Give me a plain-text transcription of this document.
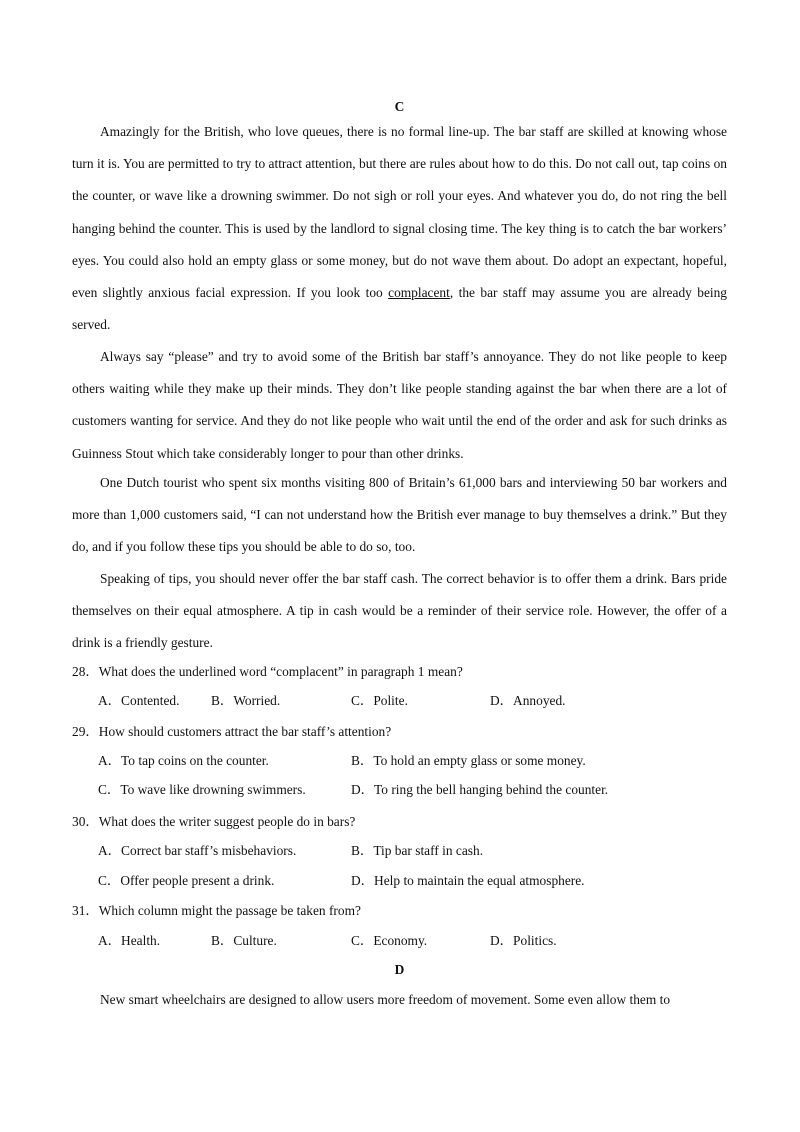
C

Amazingly for the British, who love queues, there is no formal line-up. The bar staff are skilled at knowing whose turn it is. You are permitted to try to attract attention, but there are rules about how to do this. Do not call out, tap coins on the counter, or wave like a drowning swimmer. Do not sigh or roll your eyes. And whatever you do, do not ring the bell hanging behind the counter. This is used by the landlord to signal closing time. The key thing is to catch the bar workers’ eyes. You could also hold an empty glass or some money, but do not wave them about. Do adopt an expectant, hopeful, even slightly anxious facial expression. If you look too complacent, the bar staff may assume you are already being served.

Always say “please” and try to avoid some of the British bar staff’s annoyance. They do not like people to keep others waiting while they make up their minds. They don’t like people standing against the bar when there are a lot of customers wanting for service. And they do not like people who wait until the end of the order and ask for such drinks as Guinness Stout which take considerably longer to pour than other drinks.

One Dutch tourist who spent six months visiting 800 of Britain’s 61,000 bars and interviewing 50 bar workers and more than 1,000 customers said, “I can not understand how the British ever manage to buy themselves a drink.” But they do, and if you follow these tips you should be able to do so, too.

Speaking of tips, you should never offer the bar staff cash. The correct behavior is to offer them a drink. Bars pride themselves on their equal atmosphere. A tip in cash would be a reminder of their service role. However, the offer of a drink is a friendly gesture.

28．What does the underlined word “complacent” in paragraph 1 mean?
A．Contented. B．Worried.	C．Polite.	D．Annoyed.
29．How should customers attract the bar staff’s attention?
A．To tap coins on the counter.	B．To hold an empty glass or some money.
C．To wave like drowning swimmers.	D．To ring the bell hanging behind the counter.
30．What does the writer suggest people do in bars?
A．Correct bar staff’s misbehaviors.	B．Tip bar staff in cash.
C．Offer people present a drink.	D．Help to maintain the equal atmosphere.
31．Which column might the passage be taken from?
A．Health.	B．Culture.	C．Economy.	D．Politics.
D

New smart wheelchairs are designed to allow users more freedom of movement. Some even allow them to
